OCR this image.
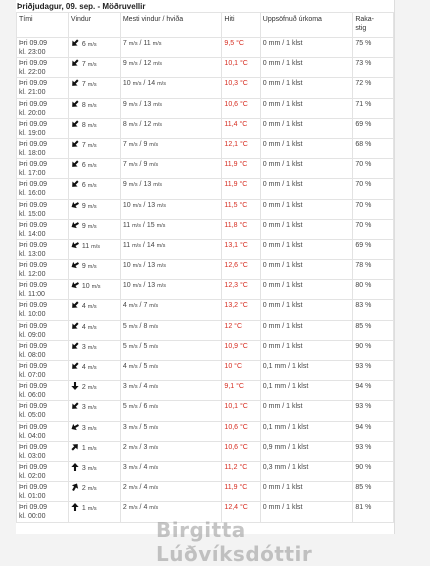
Þriðjudagur, 09. sep. - Möðruvellir
Tími	Vindur	Mesti vindur / hviða	Hiti	Uppsöfnuð úrkoma	Raka-
stig
Þri 09.09
kl. 23:00	6 m/s	7 m/s / 11 m/s	9,5 °C	0 mm / 1 klst	75 %
Þri 09.09
kl. 22:00	7 m/s	9 m/s / 12 m/s	10,1 °C	0 mm / 1 klst	73 %
Þri 09.09
kl. 21:00	7 m/s	10 m/s / 14 m/s	10,3 °C	0 mm / 1 klst	72 %
Þri 09.09
kl. 20:00	8 m/s	9 m/s / 13 m/s	10,6 °C	0 mm / 1 klst	71 %
Þri 09.09
kl. 19:00	8 m/s	8 m/s / 12 m/s	11,4 °C	0 mm / 1 klst	69 %
Þri 09.09
kl. 18:00	7 m/s	7 m/s / 9 m/s	12,1 °C	0 mm / 1 klst	68 %
Þri 09.09
kl. 17:00	6 m/s	7 m/s / 9 m/s	11,9 °C	0 mm / 1 klst	70 %
Þri 09.09
kl. 16:00	6 m/s	9 m/s / 13 m/s	11,9 °C	0 mm / 1 klst	70 %
Þri 09.09
kl. 15:00	9 m/s	10 m/s / 13 m/s	11,5 °C	0 mm / 1 klst	70 %
Þri 09.09
kl. 14:00	9 m/s	11 m/s / 15 m/s	11,8 °C	0 mm / 1 klst	70 %
Þri 09.09
kl. 13:00	11 m/s	11 m/s / 14 m/s	13,1 °C	0 mm / 1 klst	69 %
Þri 09.09
kl. 12:00	9 m/s	10 m/s / 13 m/s	12,6 °C	0 mm / 1 klst	78 %
Þri 09.09
kl. 11:00	10 m/s	10 m/s / 13 m/s	12,3 °C	0 mm / 1 klst	80 %
Þri 09.09
kl. 10:00	4 m/s	4 m/s / 7 m/s	13,2 °C	0 mm / 1 klst	83 %
Þri 09.09
kl. 09:00	4 m/s	5 m/s / 8 m/s	12 °C	0 mm / 1 klst	85 %
Þri 09.09
kl. 08:00	3 m/s	5 m/s / 5 m/s	10,9 °C	0 mm / 1 klst	90 %
Þri 09.09
kl. 07:00	4 m/s	4 m/s / 5 m/s	10 °C	0,1 mm / 1 klst	93 %
Þri 09.09
kl. 06:00	2 m/s	3 m/s / 4 m/s	9,1 °C	0,1 mm / 1 klst	94 %
Þri 09.09
kl. 05:00	3 m/s	5 m/s / 6 m/s	10,1 °C	0 mm / 1 klst	93 %
Þri 09.09
kl. 04:00	3 m/s	3 m/s / 5 m/s	10,6 °C	0,1 mm / 1 klst	94 %
Þri 09.09
kl. 03:00	1 m/s	2 m/s / 3 m/s	10,6 °C	0,9 mm / 1 klst	93 %
Þri 09.09
kl. 02:00	3 m/s	3 m/s / 4 m/s	11,2 °C	0,3 mm / 1 klst	90 %
Þri 09.09
kl. 01:00	2 m/s	2 m/s / 4 m/s	11,9 °C	0 mm / 1 klst	85 %
Þri 09.09
kl. 00:00	1 m/s	2 m/s / 4 m/s	12,4 °C	0 mm / 1 klst	81 %
Birgitta Lúðvíksdóttir
